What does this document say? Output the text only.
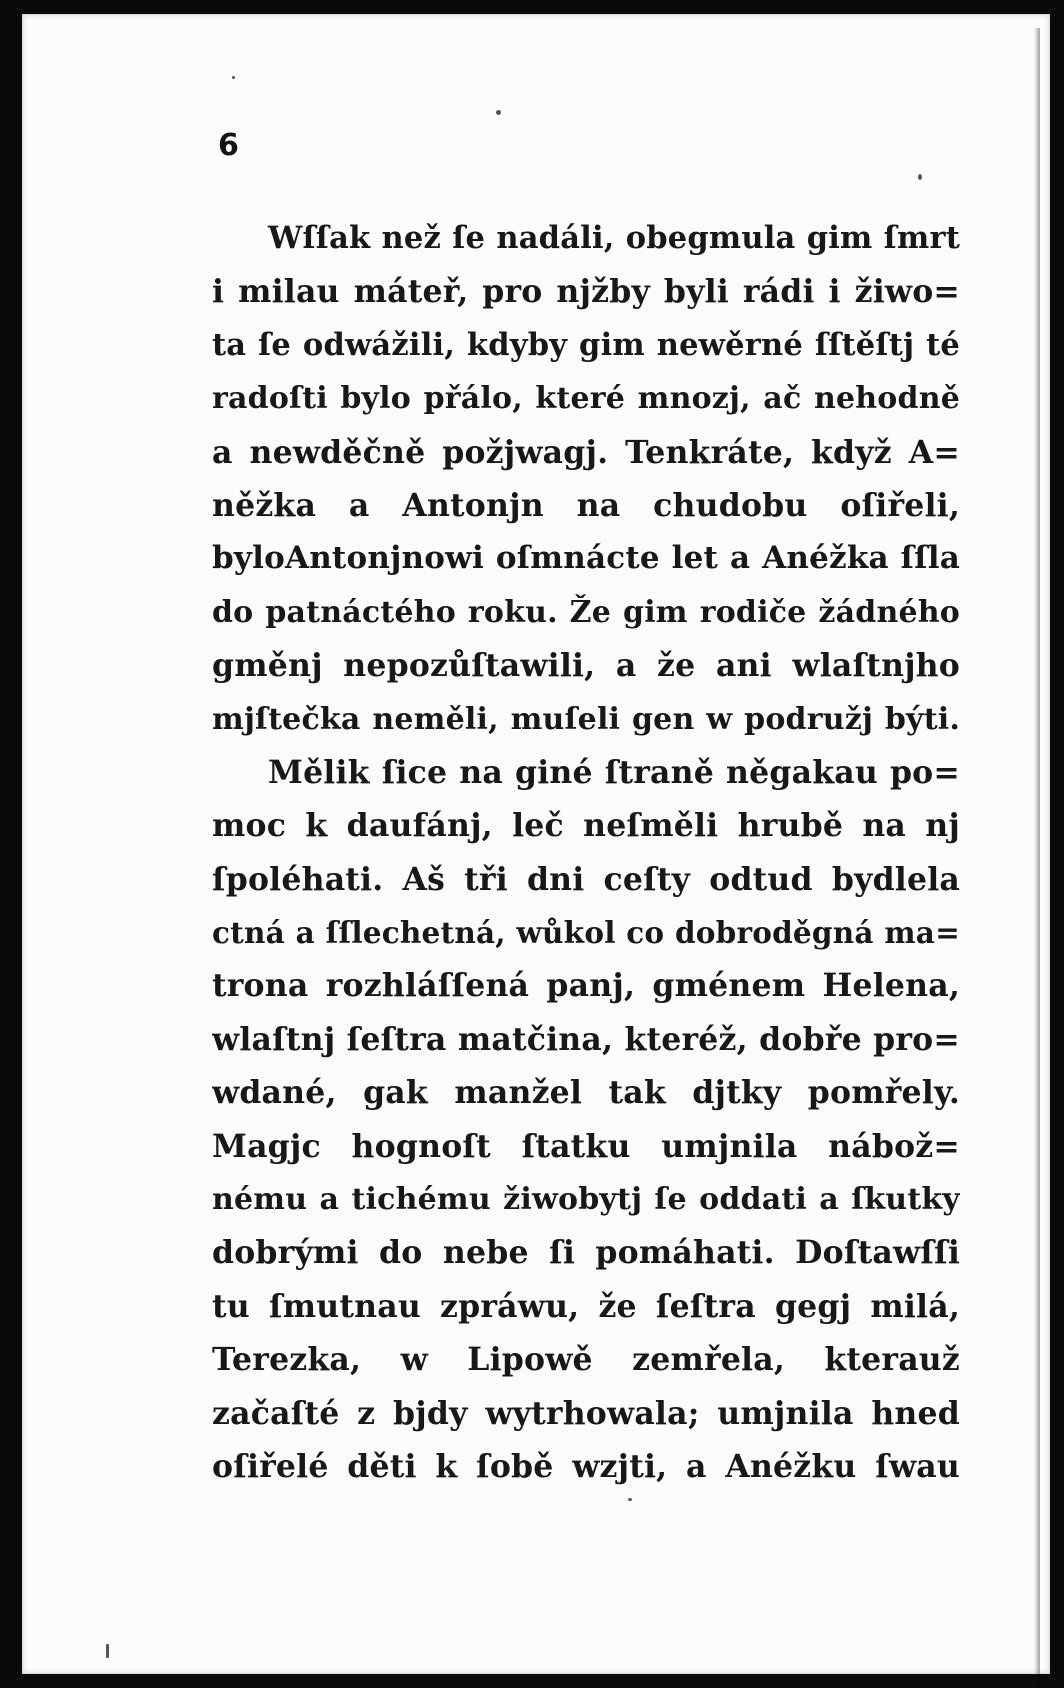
6
Wſſak než ſe nadáli, obegmula gim ſmrt
i milau máteř, pro njžby byli rádi i žiwo=
ta ſe odwážili, kdyby gim newěrné ſſtěſtj té
radoſti bylo přálo, které mnozj, ač nehodně
a newděčně požjwagj. Tenkráte, když A=
něžka a Antonjn na chudobu oſiřeli,
byloAntonjnowi oſmnácte let a Anéžka ſſla
do patnáctého roku. Že gim rodiče žádného
gměnj nepozůſtawili, a že ani wlaſtnjho
mjſtečka neměli, muſeli gen w podružj býti.
Mělik ſice na giné ſtraně něgakau po=
moc k daufánj, leč neſměli hrubě na nj
ſpoléhati. Aš tři dni ceſty odtud bydlela
ctná a ſſlechetná, wůkol co dobroděgná ma=
trona rozhláſſená panj, gménem Helena,
wlaſtnj ſeſtra matčina, kteréž, dobře pro=
wdané, gak manžel tak djtky pomřely.
Magjc hognoſt ſtatku umjnila nábož=
nému a tichému žiwobytj ſe oddati a ſkutky
dobrými do nebe ſi pomáhati. Doſtawſſi
tu ſmutnau zpráwu, že ſeſtra gegj milá,
Terezka, w Lipowě zemřela, kterauž
začaſté z bjdy wytrhowala; umjnila hned
oſiřelé děti k ſobě wzjti, a Anéžku ſwau
